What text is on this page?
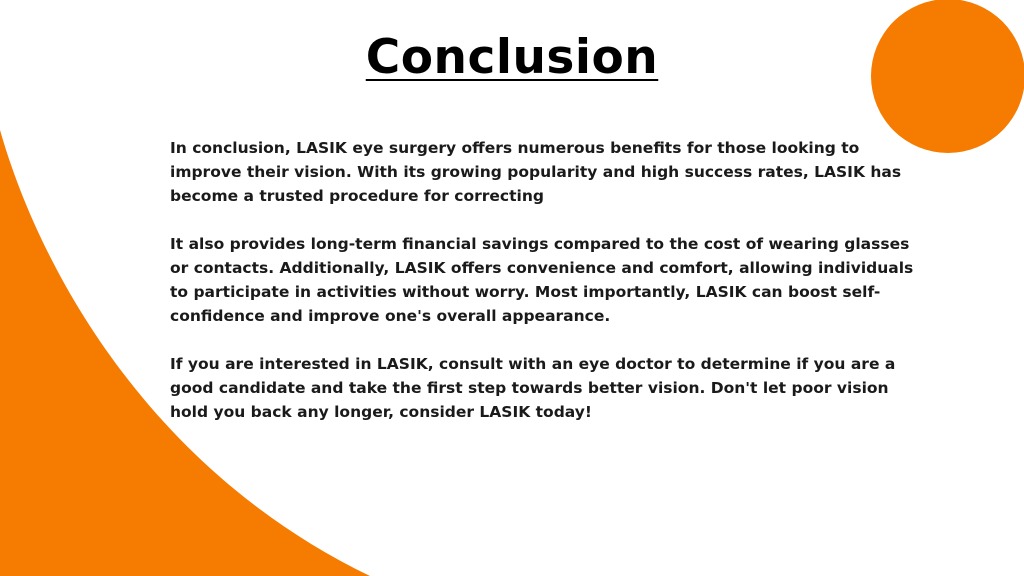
Conclusion

In conclusion, LASIK eye surgery offers numerous benefits for those looking to improve their vision. With its growing popularity and high success rates, LASIK has become a trusted procedure for correcting

It also provides long-term financial savings compared to the cost of wearing glasses or contacts. Additionally, LASIK offers convenience and comfort, allowing individuals to participate in activities without worry. Most importantly, LASIK can boost self-confidence and improve one's overall appearance.

If you are interested in LASIK, consult with an eye doctor to determine if you are a good candidate and take the first step towards better vision. Don't let poor vision hold you back any longer, consider LASIK today!
